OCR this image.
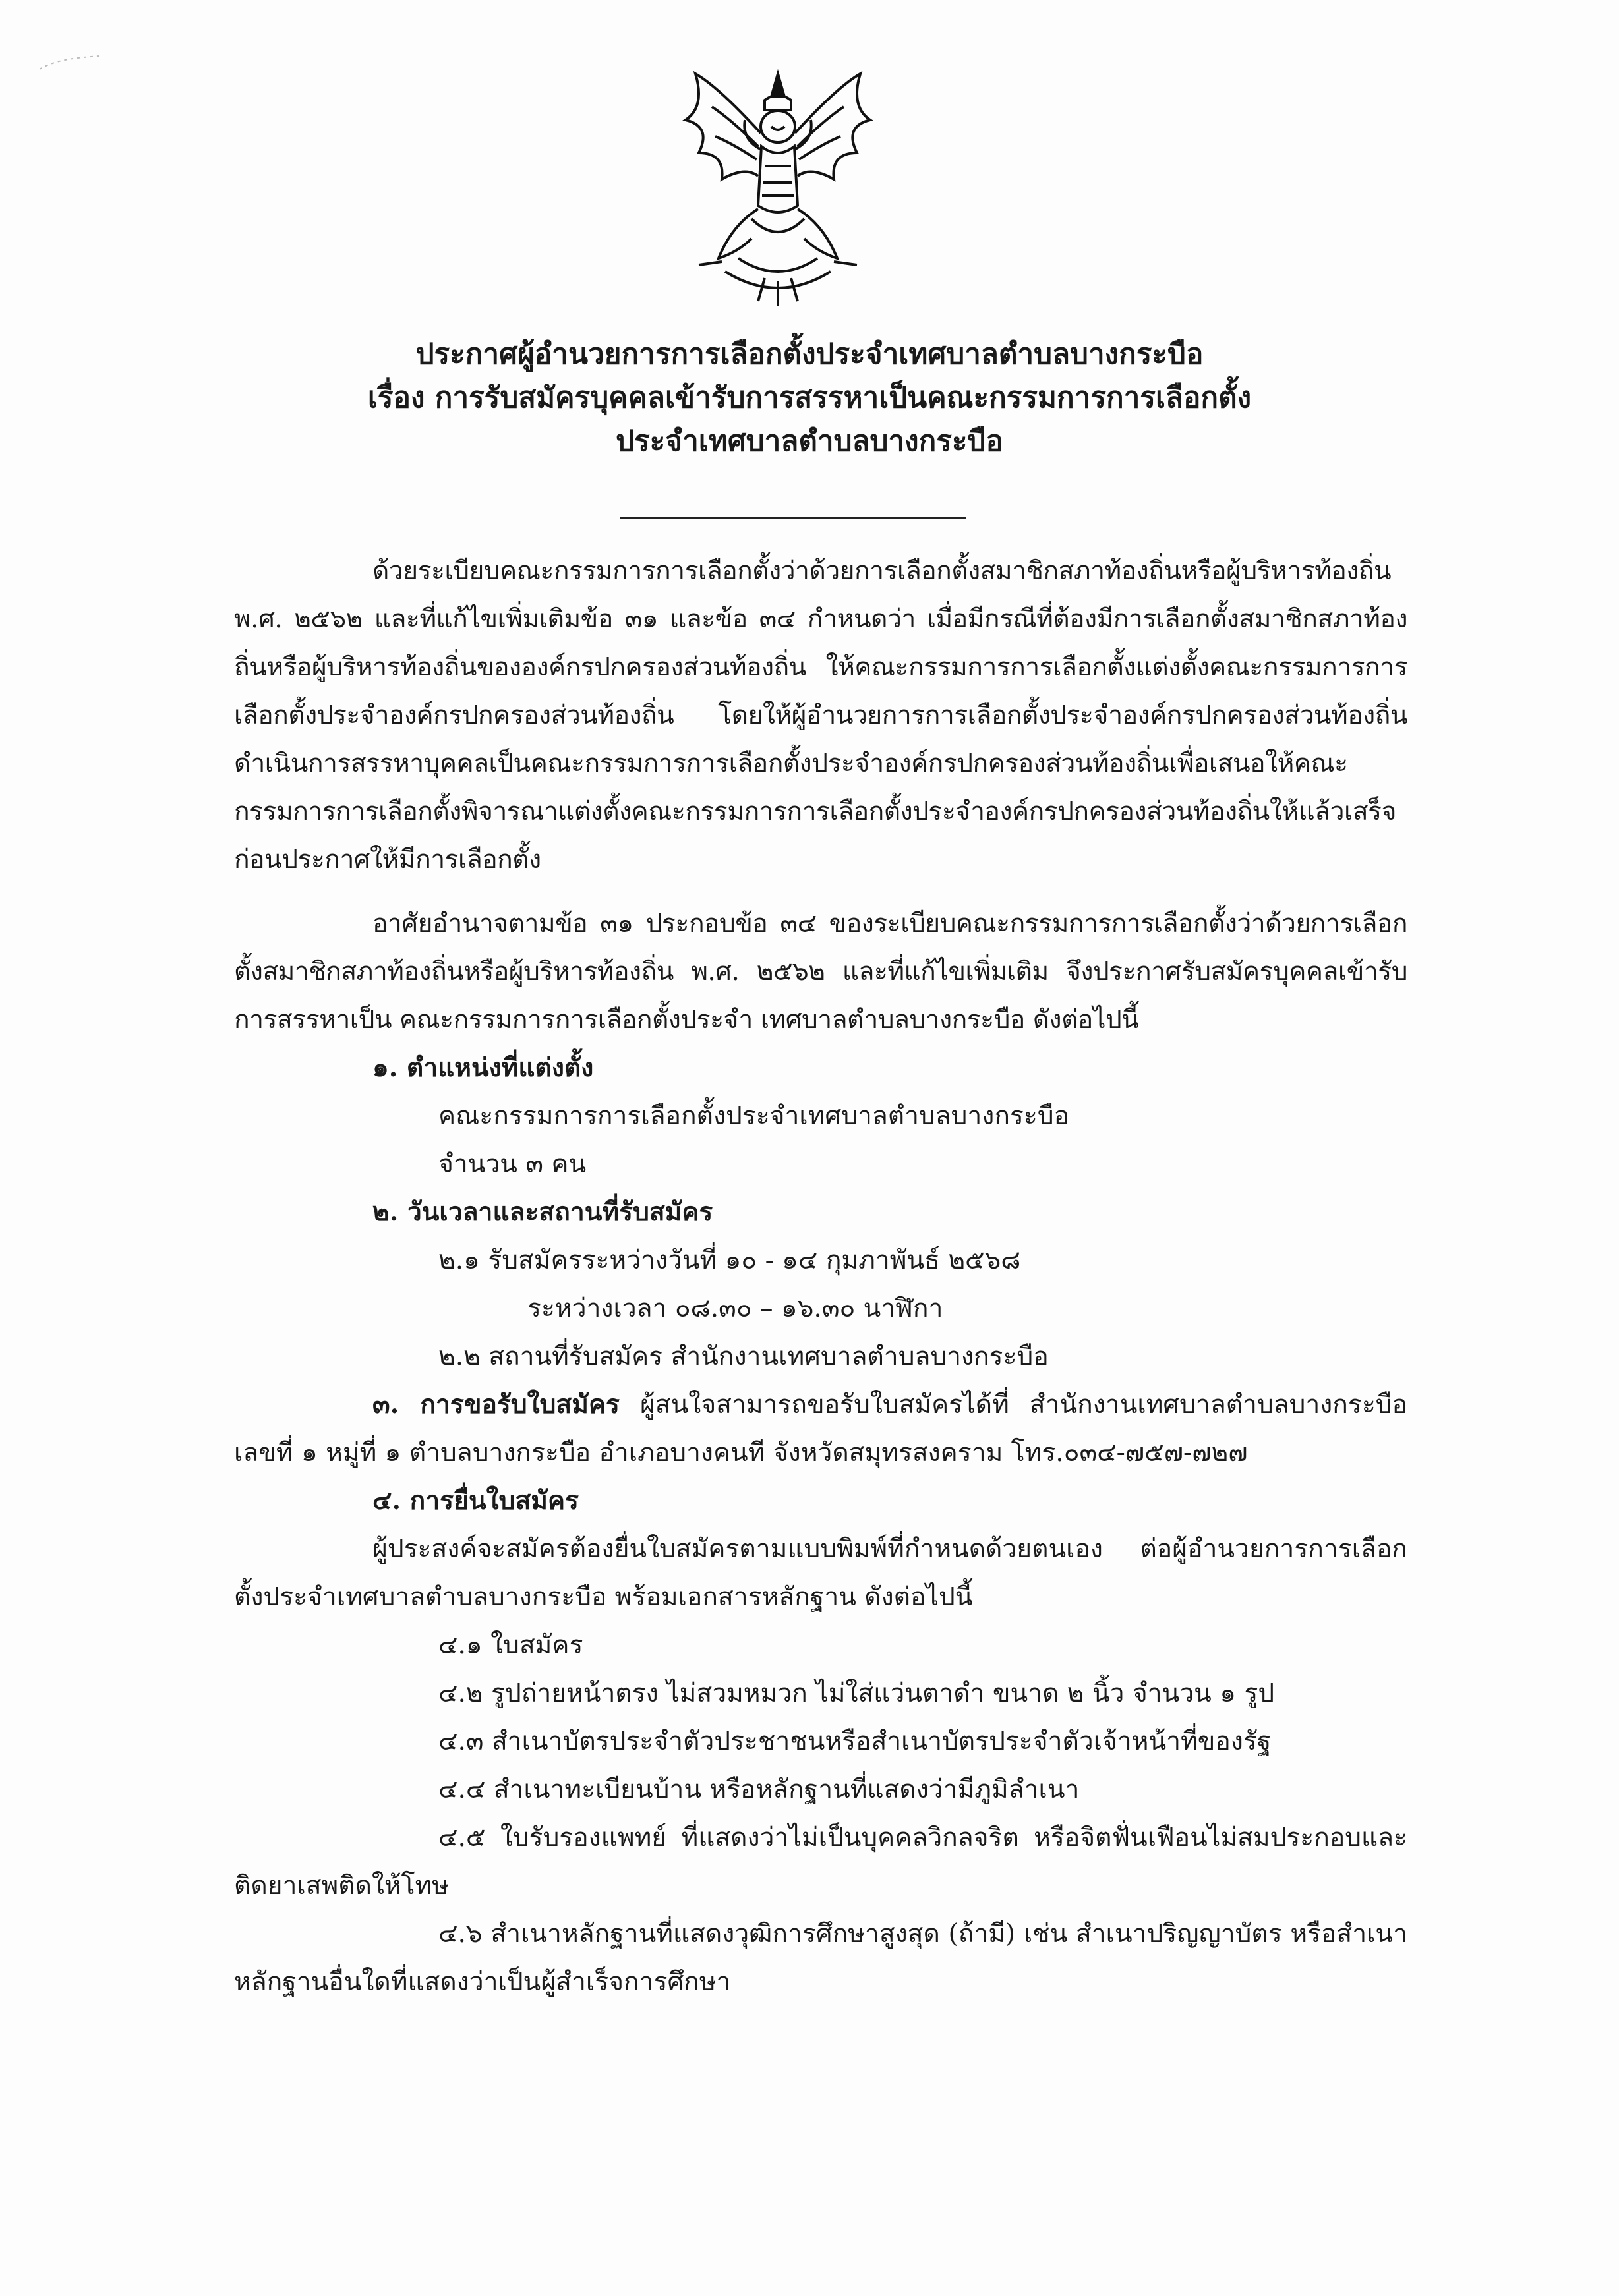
ประกาศผู้อำนวยการการเลือกตั้งประจำเทศบาลตำบลบางกระบือ
เรื่อง การรับสมัครบุคคลเข้ารับการสรรหาเป็นคณะกรรมการการเลือกตั้ง
ประจำเทศบาลตำบลบางกระบือ
ด้วยระเบียบคณะกรรมการการเลือกตั้งว่าด้วยการเลือกตั้งสมาชิกสภาท้องถิ่นหรือผู้บริหารท้องถิ่น พ.ศ. ๒๕๖๒ และที่แก้ไขเพิ่มเติมข้อ ๓๑ และข้อ ๓๔ กำหนดว่า เมื่อมีกรณีที่ต้องมีการเลือกตั้งสมาชิกสภาท้องถิ่นหรือผู้บริหารท้องถิ่นขององค์กรปกครองส่วนท้องถิ่น ให้คณะกรรมการการเลือกตั้งแต่งตั้งคณะกรรมการการเลือกตั้งประจำองค์กรปกครองส่วนท้องถิ่น โดยให้ผู้อำนวยการการเลือกตั้งประจำองค์กรปกครองส่วนท้องถิ่นดำเนินการสรรหาบุคคลเป็นคณะกรรมการการเลือกตั้งประจำองค์กรปกครองส่วนท้องถิ่นเพื่อเสนอให้คณะกรรมการการเลือกตั้งพิจารณาแต่งตั้งคณะกรรมการการเลือกตั้งประจำองค์กรปกครองส่วนท้องถิ่นให้แล้วเสร็จก่อนประกาศให้มีการเลือกตั้ง
อาศัยอำนาจตามข้อ ๓๑ ประกอบข้อ ๓๔ ของระเบียบคณะกรรมการการเลือกตั้งว่าด้วยการเลือกตั้งสมาชิกสภาท้องถิ่นหรือผู้บริหารท้องถิ่น พ.ศ. ๒๕๖๒ และที่แก้ไขเพิ่มเติม จึงประกาศรับสมัครบุคคลเข้ารับการสรรหาเป็น คณะกรรมการการเลือกตั้งประจำ เทศบาลตำบลบางกระบือ ดังต่อไปนี้
๑. ตำแหน่งที่แต่งตั้ง
คณะกรรมการการเลือกตั้งประจำเทศบาลตำบลบางกระบือ
จำนวน ๓ คน
๒. วันเวลาและสถานที่รับสมัคร
๒.๑ รับสมัครระหว่างวันที่ ๑๐ - ๑๔ กุมภาพันธ์ ๒๕๖๘
ระหว่างเวลา ๐๘.๓๐ – ๑๖.๓๐ นาฬิกา
๒.๒ สถานที่รับสมัคร สำนักงานเทศบาลตำบลบางกระบือ
๓. การขอรับใบสมัคร ผู้สนใจสามารถขอรับใบสมัครได้ที่ สำนักงานเทศบาลตำบลบางกระบือ เลขที่ ๑ หมู่ที่ ๑ ตำบลบางกระบือ อำเภอบางคนที จังหวัดสมุทรสงคราม โทร.๐๓๔-๗๕๗-๗๒๗
๔. การยื่นใบสมัคร
ผู้ประสงค์จะสมัครต้องยื่นใบสมัครตามแบบพิมพ์ที่กำหนดด้วยตนเอง ต่อผู้อำนวยการการเลือกตั้งประจำเทศบาลตำบลบางกระบือ พร้อมเอกสารหลักฐาน ดังต่อไปนี้
๔.๑ ใบสมัคร
๔.๒ รูปถ่ายหน้าตรง ไม่สวมหมวก ไม่ใส่แว่นตาดำ ขนาด ๒ นิ้ว จำนวน ๑ รูป
๔.๓ สำเนาบัตรประจำตัวประชาชนหรือสำเนาบัตรประจำตัวเจ้าหน้าที่ของรัฐ
๔.๔ สำเนาทะเบียนบ้าน หรือหลักฐานที่แสดงว่ามีภูมิลำเนา
๔.๕ ใบรับรองแพทย์ ที่แสดงว่าไม่เป็นบุคคลวิกลจริต หรือจิตฟั่นเฟือนไม่สมประกอบและติดยาเสพติดให้โทษ
๔.๖ สำเนาหลักฐานที่แสดงวุฒิการศึกษาสูงสุด (ถ้ามี) เช่น สำเนาปริญญาบัตร หรือสำเนาหลักฐานอื่นใดที่แสดงว่าเป็นผู้สำเร็จการศึกษา
